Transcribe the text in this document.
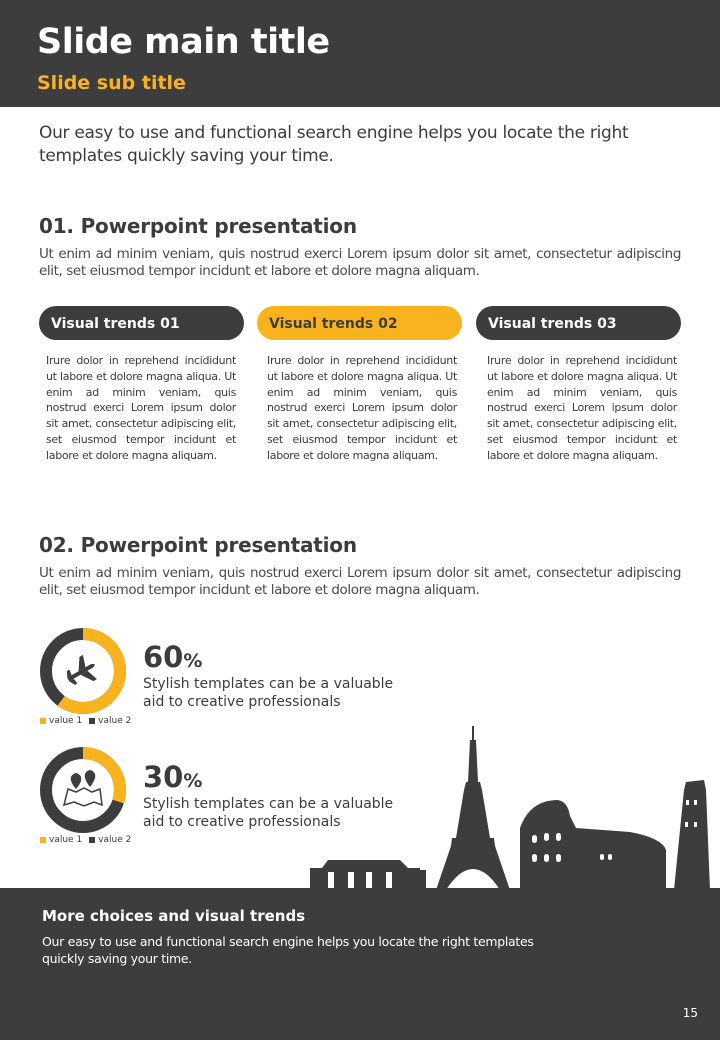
Slide main title
Slide sub title

Our easy to use and functional search engine helps you locate the right templates quickly saving your time.

01. Powerpoint presentation

Ut enim ad minim veniam, quis nostrud exerci Lorem ipsum dolor sit amet, consectetur adipiscing elit, set eiusmod tempor incidunt et labore et dolore magna aliquam.

Visual trends 01	Visual trends 02	Visual trends 03

Irure dolor in reprehend incididunt ut labore et dolore magna aliqua. Ut enim ad minim veniam, quis nostrud exerci Lorem ipsum dolor sit amet, consectetur adipiscing elit, set eiusmod tempor incidunt et labore et dolore magna aliquam.

Irure dolor in reprehend incididunt ut labore et dolore magna aliqua. Ut enim ad minim veniam, quis nostrud exerci Lorem ipsum dolor sit amet, consectetur adipiscing elit, set eiusmod tempor incidunt et labore et dolore magna aliquam.

Irure dolor in reprehend incididunt ut labore et dolore magna aliqua. Ut enim ad minim veniam, quis nostrud exerci Lorem ipsum dolor sit amet, consectetur adipiscing elit, set eiusmod tempor incidunt et labore et dolore magna aliquam.

02. Powerpoint presentation

Ut enim ad minim veniam, quis nostrud exerci Lorem ipsum dolor sit amet, consectetur adipiscing elit, set eiusmod tempor incidunt et labore et dolore magna aliquam.

value 1 value 2
60%

Stylish templates can be a valuable aid to creative professionals

value 1 value 2
30%

Stylish templates can be a valuable aid to creative professionals

More choices and visual trends

Our easy to use and functional search engine helps you locate the right templates quickly saving your time.

15
